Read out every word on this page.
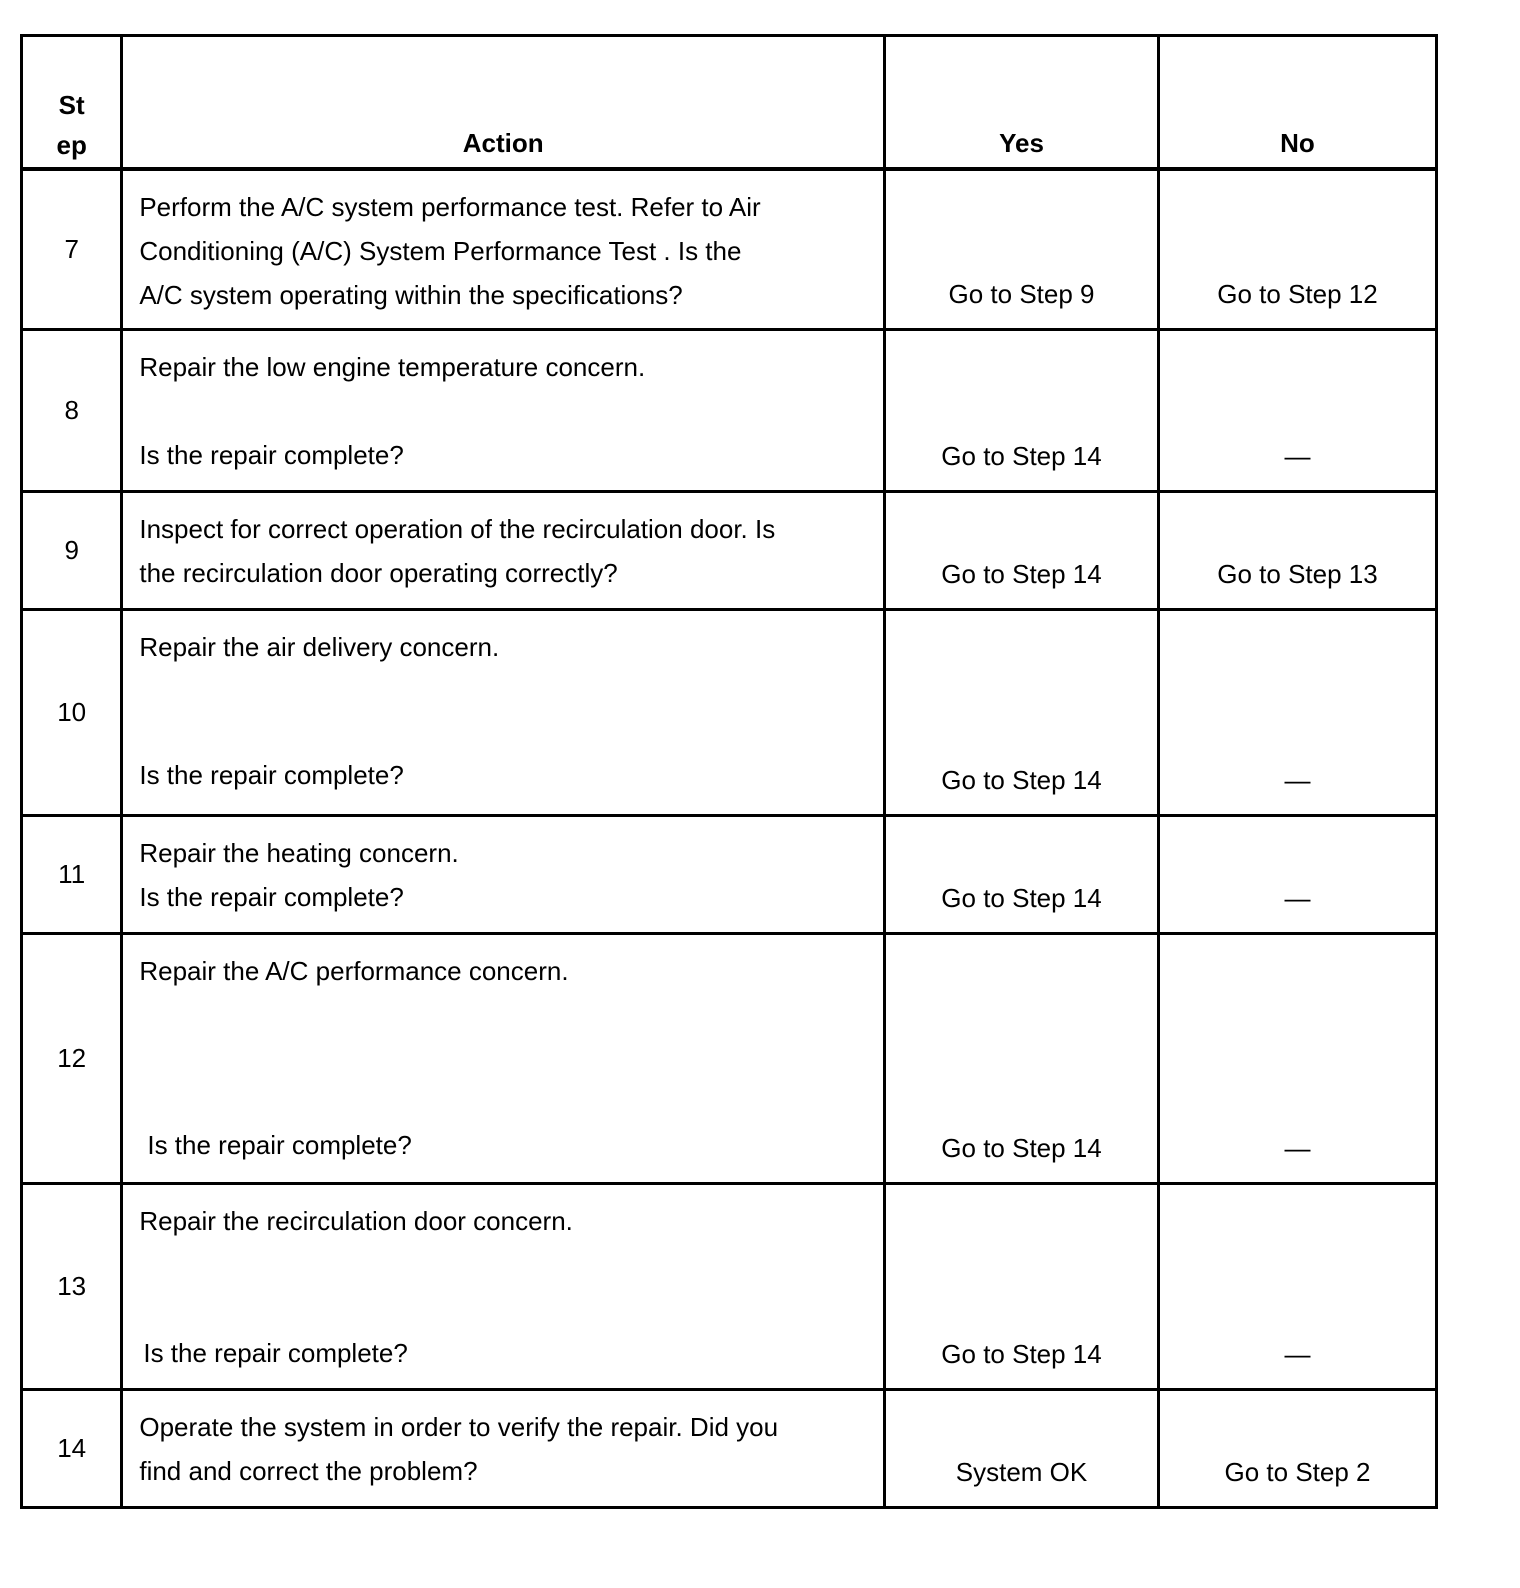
St
ep	Action	Yes	No
7	Perform the A/C system performance test. Refer to Air
Conditioning (A/C) System Performance Test . Is the
A/C system operating within the specifications?	Go to Step 9	Go to Step 12
8	Repair the low engine temperature concern.
Is the repair complete?	Go to Step 14	—
9	Inspect for correct operation of the recirculation door. Is
the recirculation door operating correctly?	Go to Step 14	Go to Step 13
10	Repair the air delivery concern.
Is the repair complete?	Go to Step 14	—
11	Repair the heating concern.
Is the repair complete?	Go to Step 14	—
12	Repair the A/C performance concern.
Is the repair complete?	Go to Step 14	—
13	Repair the recirculation door concern.
Is the repair complete?	Go to Step 14	—
14	Operate the system in order to verify the repair. Did you
find and correct the problem?	System OK	Go to Step 2
